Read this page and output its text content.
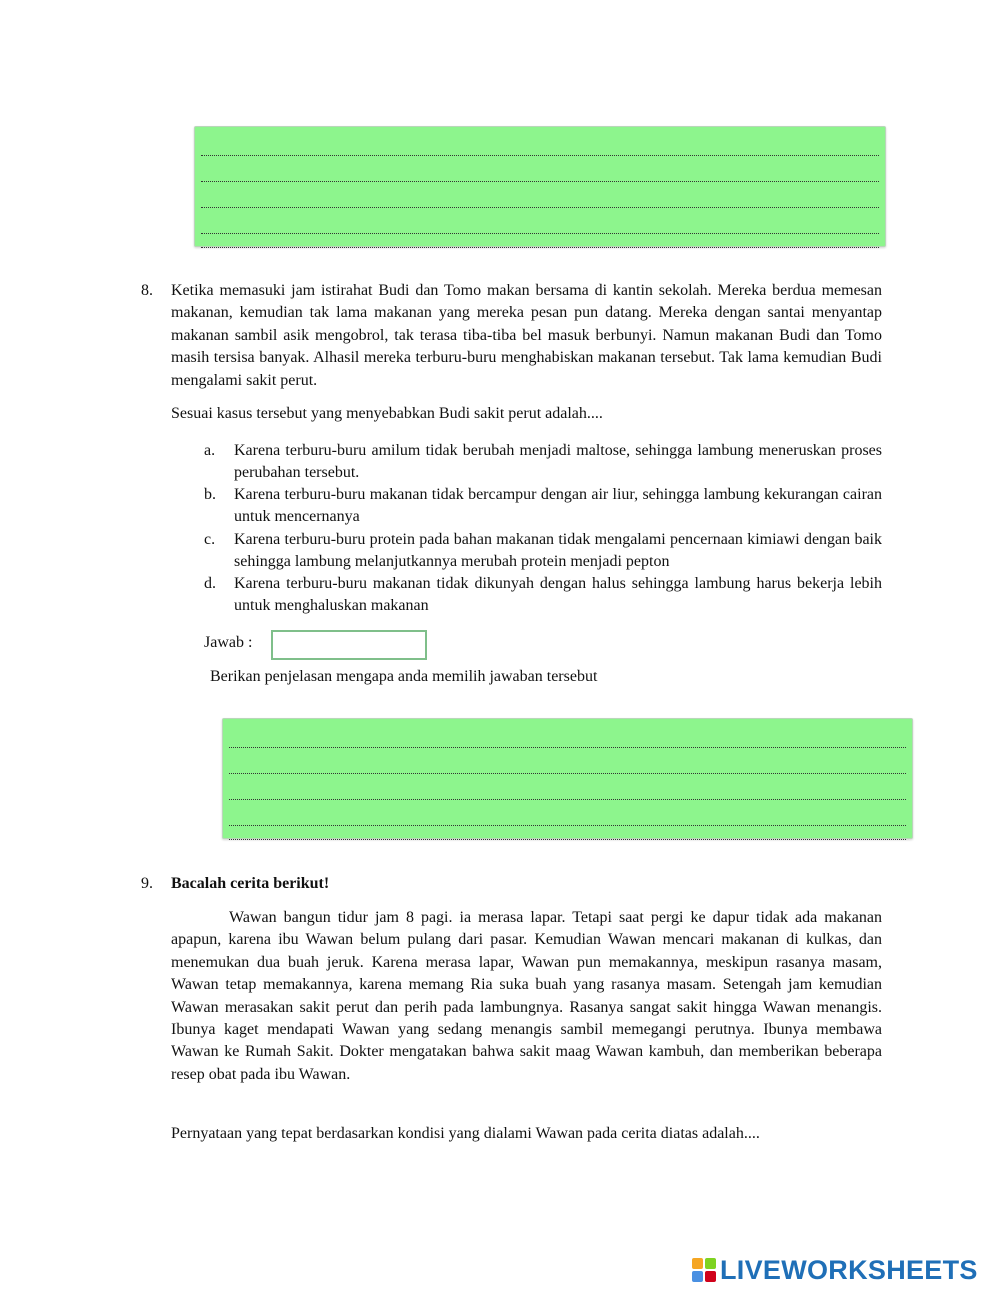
8. Ketika memasuki jam istirahat Budi dan Tomo makan bersama di kantin sekolah. Mereka berdua memesan makanan, kemudian tak lama makanan yang mereka pesan pun datang. Mereka dengan santai menyantap makanan sambil asik mengobrol, tak terasa tiba-tiba bel masuk berbunyi. Namun makanan Budi dan Tomo masih tersisa banyak. Alhasil mereka terburu-buru menghabiskan makanan tersebut. Tak lama kemudian Budi mengalami sakit perut.

Sesuai kasus tersebut yang menyebabkan Budi sakit perut adalah....

a.	Karena terburu-buru amilum tidak berubah menjadi maltose, sehingga lambung meneruskan proses perubahan tersebut.
b.	Karena terburu-buru makanan tidak bercampur dengan air liur, sehingga lambung kekurangan cairan untuk mencernanya
c.	Karena terburu-buru protein pada bahan makanan tidak mengalami pencernaan kimiawi dengan baik sehingga lambung melanjutkannya merubah protein menjadi pepton
d.	Karena terburu-buru makanan tidak dikunyah dengan halus sehingga lambung harus bekerja lebih untuk menghaluskan makanan
Jawab :
Berikan penjelasan mengapa anda memilih jawaban tersebut
9. Bacalah cerita berikut!

Wawan bangun tidur jam 8 pagi. ia merasa lapar. Tetapi saat pergi ke dapur tidak ada makanan apapun, karena ibu Wawan belum pulang dari pasar. Kemudian Wawan mencari makanan di kulkas, dan menemukan dua buah jeruk. Karena merasa lapar, Wawan pun memakannya, meskipun rasanya masam, Wawan tetap memakannya, karena memang Ria suka buah yang rasanya masam. Setengah jam kemudian Wawan merasakan sakit perut dan perih pada lambungnya. Rasanya sangat sakit hingga Wawan menangis. Ibunya kaget mendapati Wawan yang sedang menangis sambil memegangi perutnya. Ibunya membawa Wawan ke Rumah Sakit. Dokter mengatakan bahwa sakit maag Wawan kambuh, dan memberikan beberapa resep obat pada ibu Wawan.

Pernyataan yang tepat berdasarkan kondisi yang dialami Wawan pada cerita diatas adalah....

LIVEWORKSHEETS
